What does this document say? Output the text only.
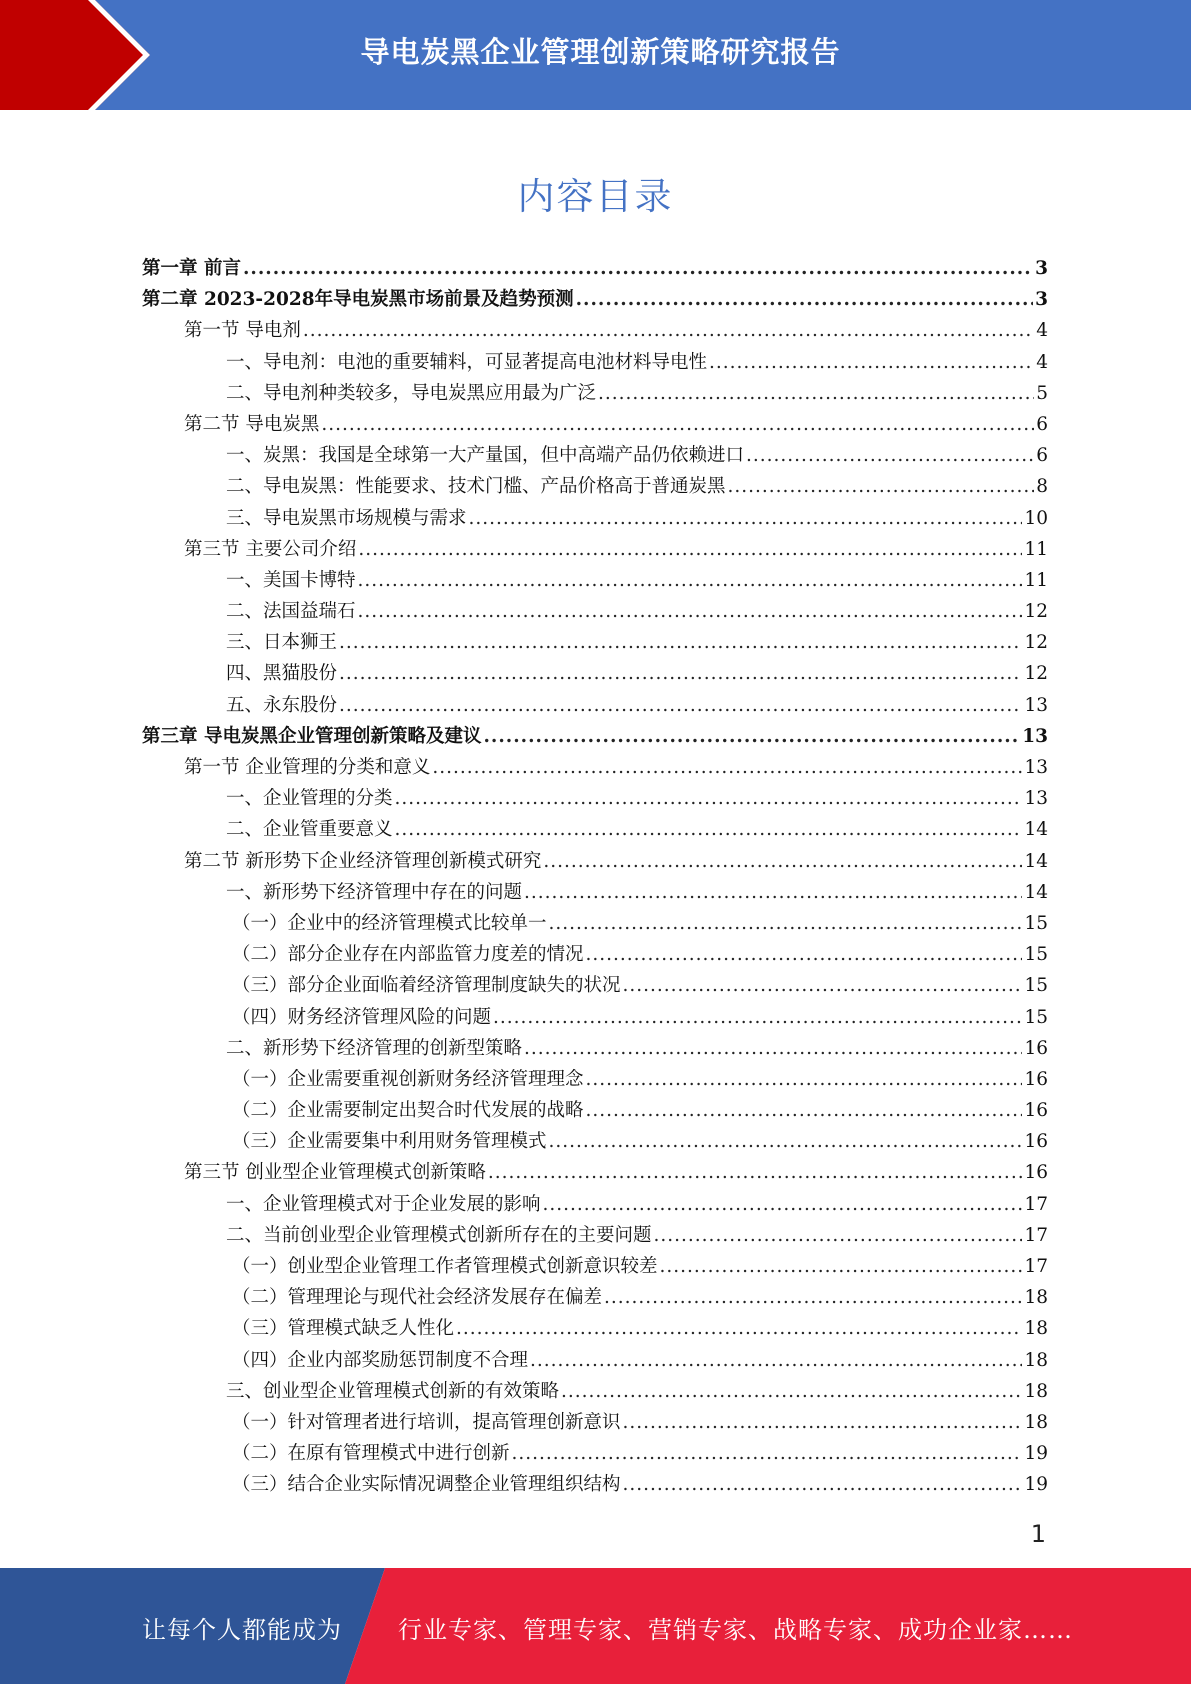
导电炭黑企业管理创新策略研究报告
内容目录
第一章 前言 .....	3
第二章 2023-2028年导电炭黑市场前景及趋势预测 .....	3
第一节 导电剂 .....	4
一、导电剂：电池的重要辅料，可显著提高电池材料导电性 .....	4
二、导电剂种类较多，导电炭黑应用最为广泛 .....	5
第二节 导电炭黑 .....	6
一、炭黑：我国是全球第一大产量国，但中高端产品仍依赖进口 .....	6
二、导电炭黑：性能要求、技术门槛、产品价格高于普通炭黑 .....	8
三、导电炭黑市场规模与需求 .....	10
第三节 主要公司介绍 .....	11
一、美国卡博特 .....	11
二、法国益瑞石 .....	12
三、日本狮王 .....	12
四、黑猫股份 .....	12
五、永东股份 .....	13
第三章 导电炭黑企业管理创新策略及建议 .....	13
第一节 企业管理的分类和意义 .....	13
一、企业管理的分类 .....	13
二、企业管重要意义 .....	14
第二节 新形势下企业经济管理创新模式研究 .....	14
一、新形势下经济管理中存在的问题 .....	14
（一）企业中的经济管理模式比较单一 .....	15
（二）部分企业存在内部监管力度差的情况 .....	15
（三）部分企业面临着经济管理制度缺失的状况 .....	15
（四）财务经济管理风险的问题 .....	15
二、新形势下经济管理的创新型策略 .....	16
（一）企业需要重视创新财务经济管理理念 .....	16
（二）企业需要制定出契合时代发展的战略 .....	16
（三）企业需要集中利用财务管理模式 .....	16
第三节 创业型企业管理模式创新策略 .....	16
一、企业管理模式对于企业发展的影响 .....	17
二、当前创业型企业管理模式创新所存在的主要问题 .....	17
（一）创业型企业管理工作者管理模式创新意识较差 .....	17
（二）管理理论与现代社会经济发展存在偏差 .....	18
（三）管理模式缺乏人性化 .....	18
（四）企业内部奖励惩罚制度不合理 .....	18
三、创业型企业管理模式创新的有效策略 .....	18
（一）针对管理者进行培训，提高管理创新意识 .....	18
（二）在原有管理模式中进行创新 .....	19
（三）结合企业实际情况调整企业管理组织结构 .....	19
1
让每个人都能成为 行业专家、管理专家、营销专家、战略专家、成功企业家……
